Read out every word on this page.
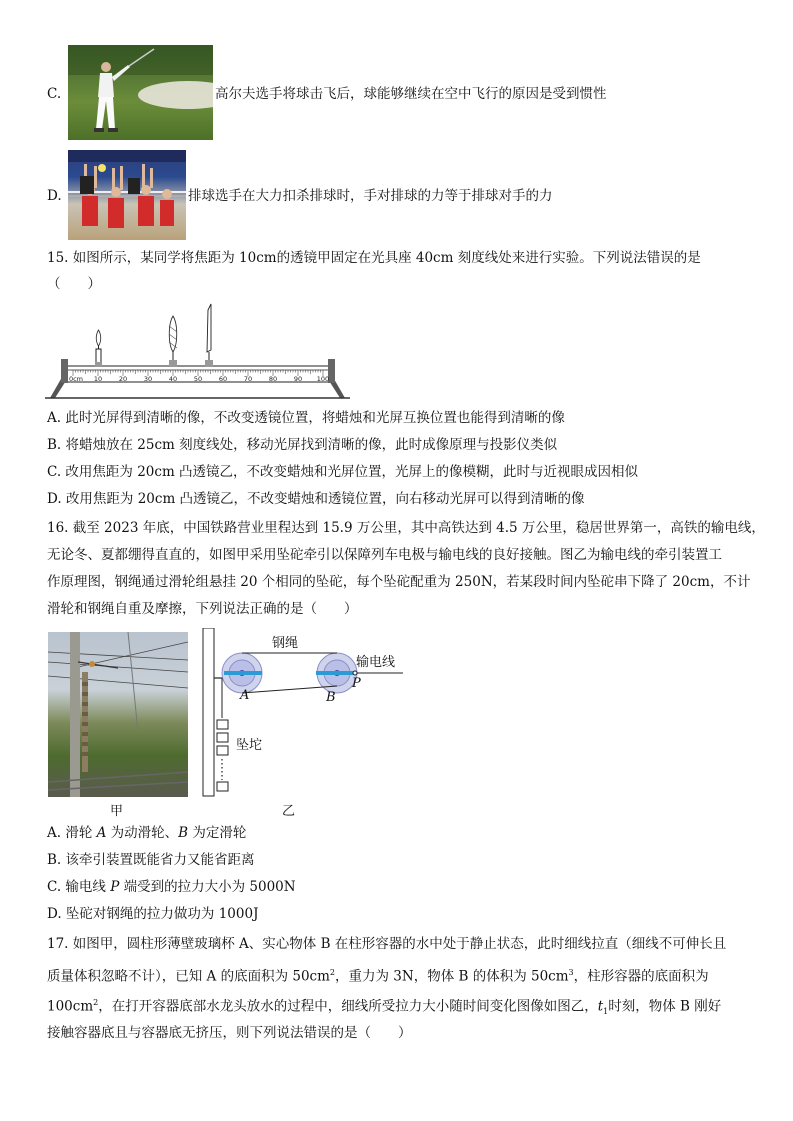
C.	高尔夫选手将球击飞后，球能够继续在空中飞行的原因是受到惯性
D.	排球选手在大力扣杀排球时，手对排球的力等于排球对手的力
15. 如图所示，某同学将焦距为 10cm的透镜甲固定在光具座 40cm 刻度线处来进行实验。下列说法错误的是
（　　）
0cm 10	20	30	40	50	60	70	80	90 100
A. 此时光屏得到清晰的像，不改变透镜位置，将蜡烛和光屏互换位置也能得到清晰的像
B. 将蜡烛放在 25cm 刻度线处，移动光屏找到清晰的像，此时成像原理与投影仪类似
C. 改用焦距为 20cm 凸透镜乙，不改变蜡烛和光屏位置，光屏上的像模糊，此时与近视眼成因相似
D. 改用焦距为 20cm 凸透镜乙，不改变蜡烛和透镜位置，向右移动光屏可以得到清晰的像
16. 截至 2023 年底，中国铁路营业里程达到 15.9 万公里，其中高铁达到 4.5 万公里，稳居世界第一，高铁的输电线，
无论冬、夏都绷得直直的，如图甲采用坠砣牵引以保障列车电极与输电线的良好接触。图乙为输电线的牵引装置工
作原理图，钢绳通过滑轮组悬挂 20 个相同的坠砣，每个坠砣配重为 250N，若某段时间内坠砣串下降了 20cm，不计
滑轮和钢绳自重及摩擦，下列说法正确的是（　　）
甲
钢绳
输电线
A	B
P
坠坨
乙
A. 滑轮 A 为动滑轮、B 为定滑轮
B. 该牵引装置既能省力又能省距离
C. 输电线 P 端受到的拉力大小为 5000N
D. 坠砣对钢绳的拉力做功为 1000J
17. 如图甲，圆柱形薄壁玻璃杯 A、实心物体 B 在柱形容器的水中处于静止状态，此时细线拉直（细线不可伸长且
质量体积忽略不计），已知 A 的底面积为 $50cm^2$，重力为 3N，物体 B 的体积为 $50cm^3$，柱形容器的底面积为
$100cm^2$，在打开容器底部水龙头放水的过程中，细线所受拉力大小随时间变化图像如图乙，$t_1$时刻，物体 B 刚好
接触容器底且与容器底无挤压，则下列说法错误的是（　　）
